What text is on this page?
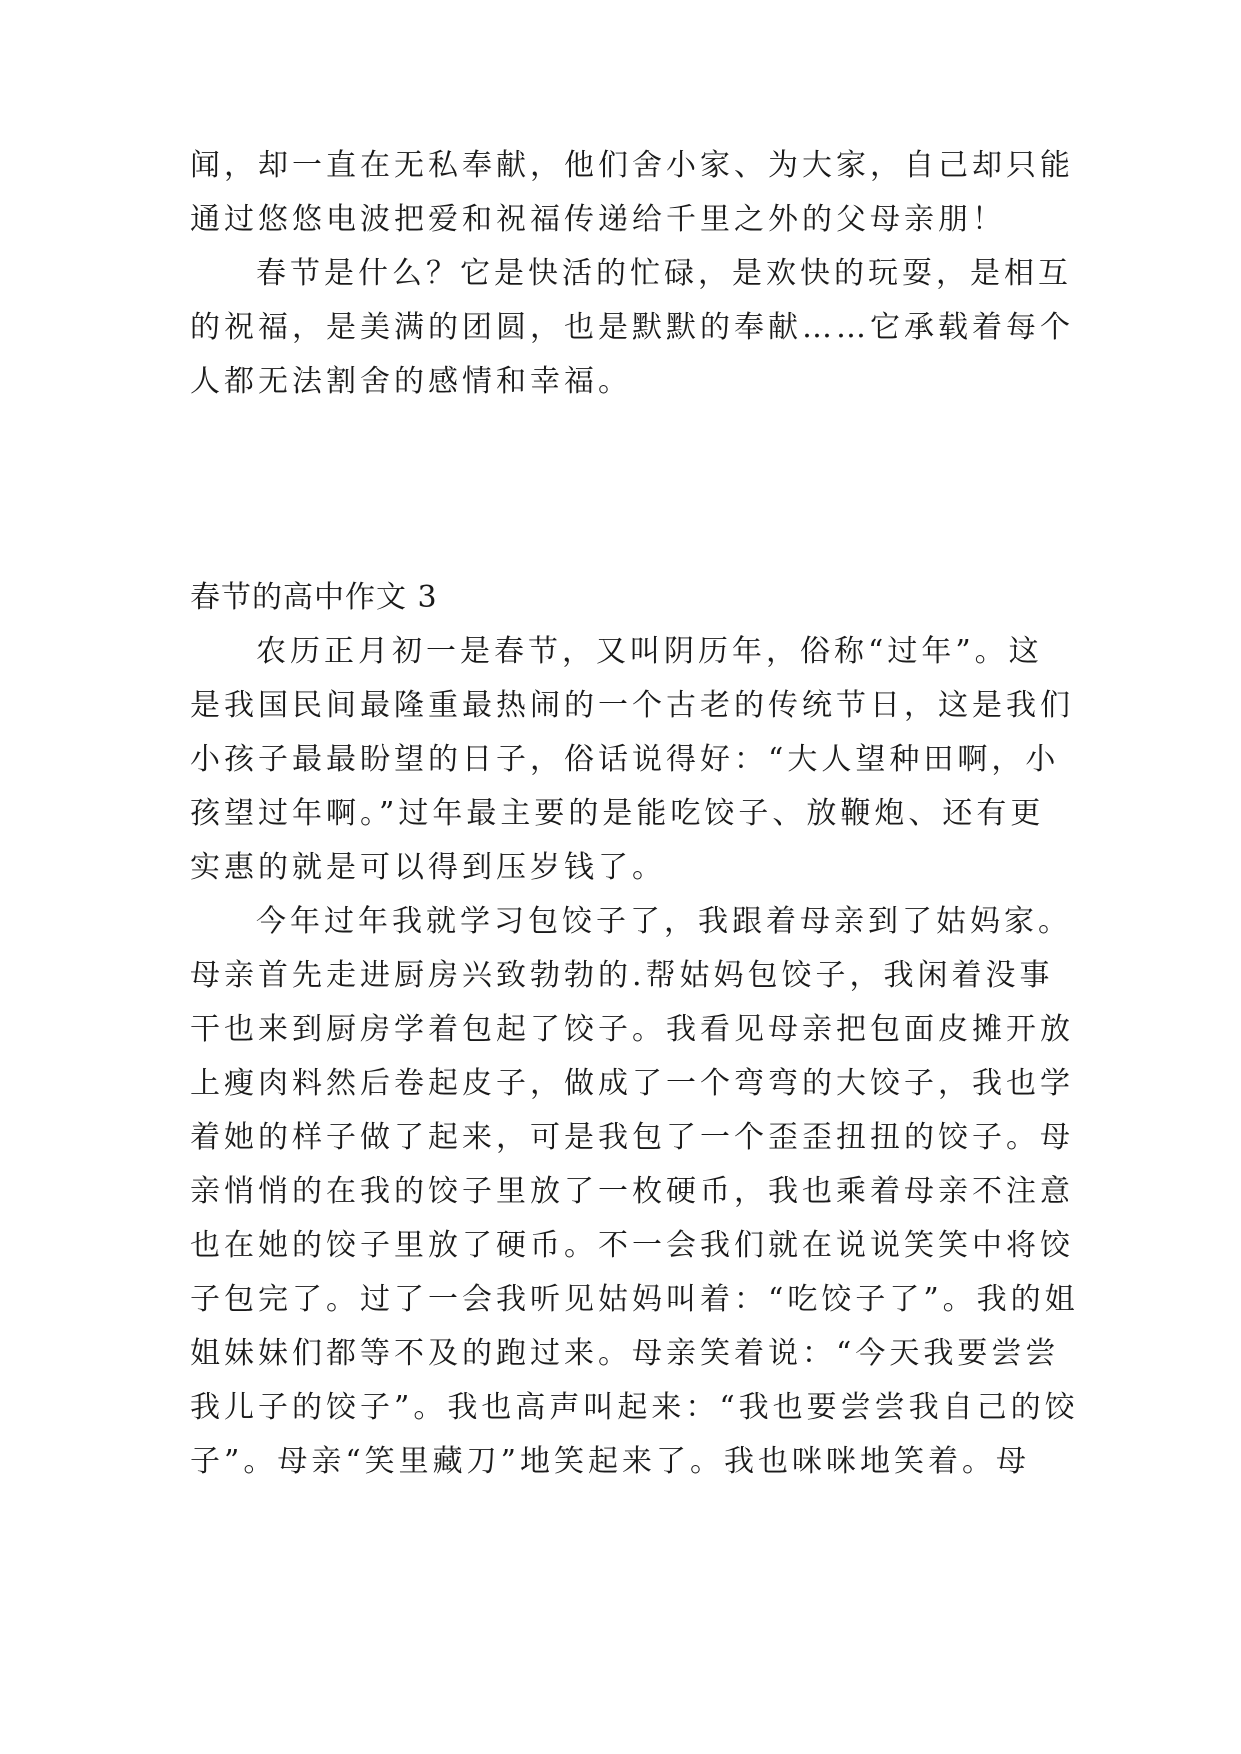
闻，却一直在无私奉献，他们舍小家、为大家，自己却只能
通过悠悠电波把爱和祝福传递给千里之外的父母亲朋！
春节是什么？它是快活的忙碌，是欢快的玩耍，是相互
的祝福，是美满的团圆，也是默默的奉献……它承载着每个
人都无法割舍的感情和幸福。
春节的高中作文 3
农历正月初一是春节，又叫阴历年，俗称“过年”。这
是我国民间最隆重最热闹的一个古老的传统节日，这是我们
小孩子最最盼望的日子，俗话说得好：“大人望种田啊，小
孩望过年啊。”过年最主要的是能吃饺子、放鞭炮、还有更
实惠的就是可以得到压岁钱了。
今年过年我就学习包饺子了，我跟着母亲到了姑妈家。
母亲首先走进厨房兴致勃勃的.帮姑妈包饺子，我闲着没事
干也来到厨房学着包起了饺子。我看见母亲把包面皮摊开放
上瘦肉料然后卷起皮子，做成了一个弯弯的大饺子，我也学
着她的样子做了起来，可是我包了一个歪歪扭扭的饺子。母
亲悄悄的在我的饺子里放了一枚硬币，我也乘着母亲不注意
也在她的饺子里放了硬币。不一会我们就在说说笑笑中将饺
子包完了。过了一会我听见姑妈叫着：“吃饺子了”。我的姐
姐妹妹们都等不及的跑过来。母亲笑着说：“今天我要尝尝
我儿子的饺子”。我也高声叫起来：“我也要尝尝我自己的饺
子”。母亲“笑里藏刀”地笑起来了。我也咪咪地笑着。母
